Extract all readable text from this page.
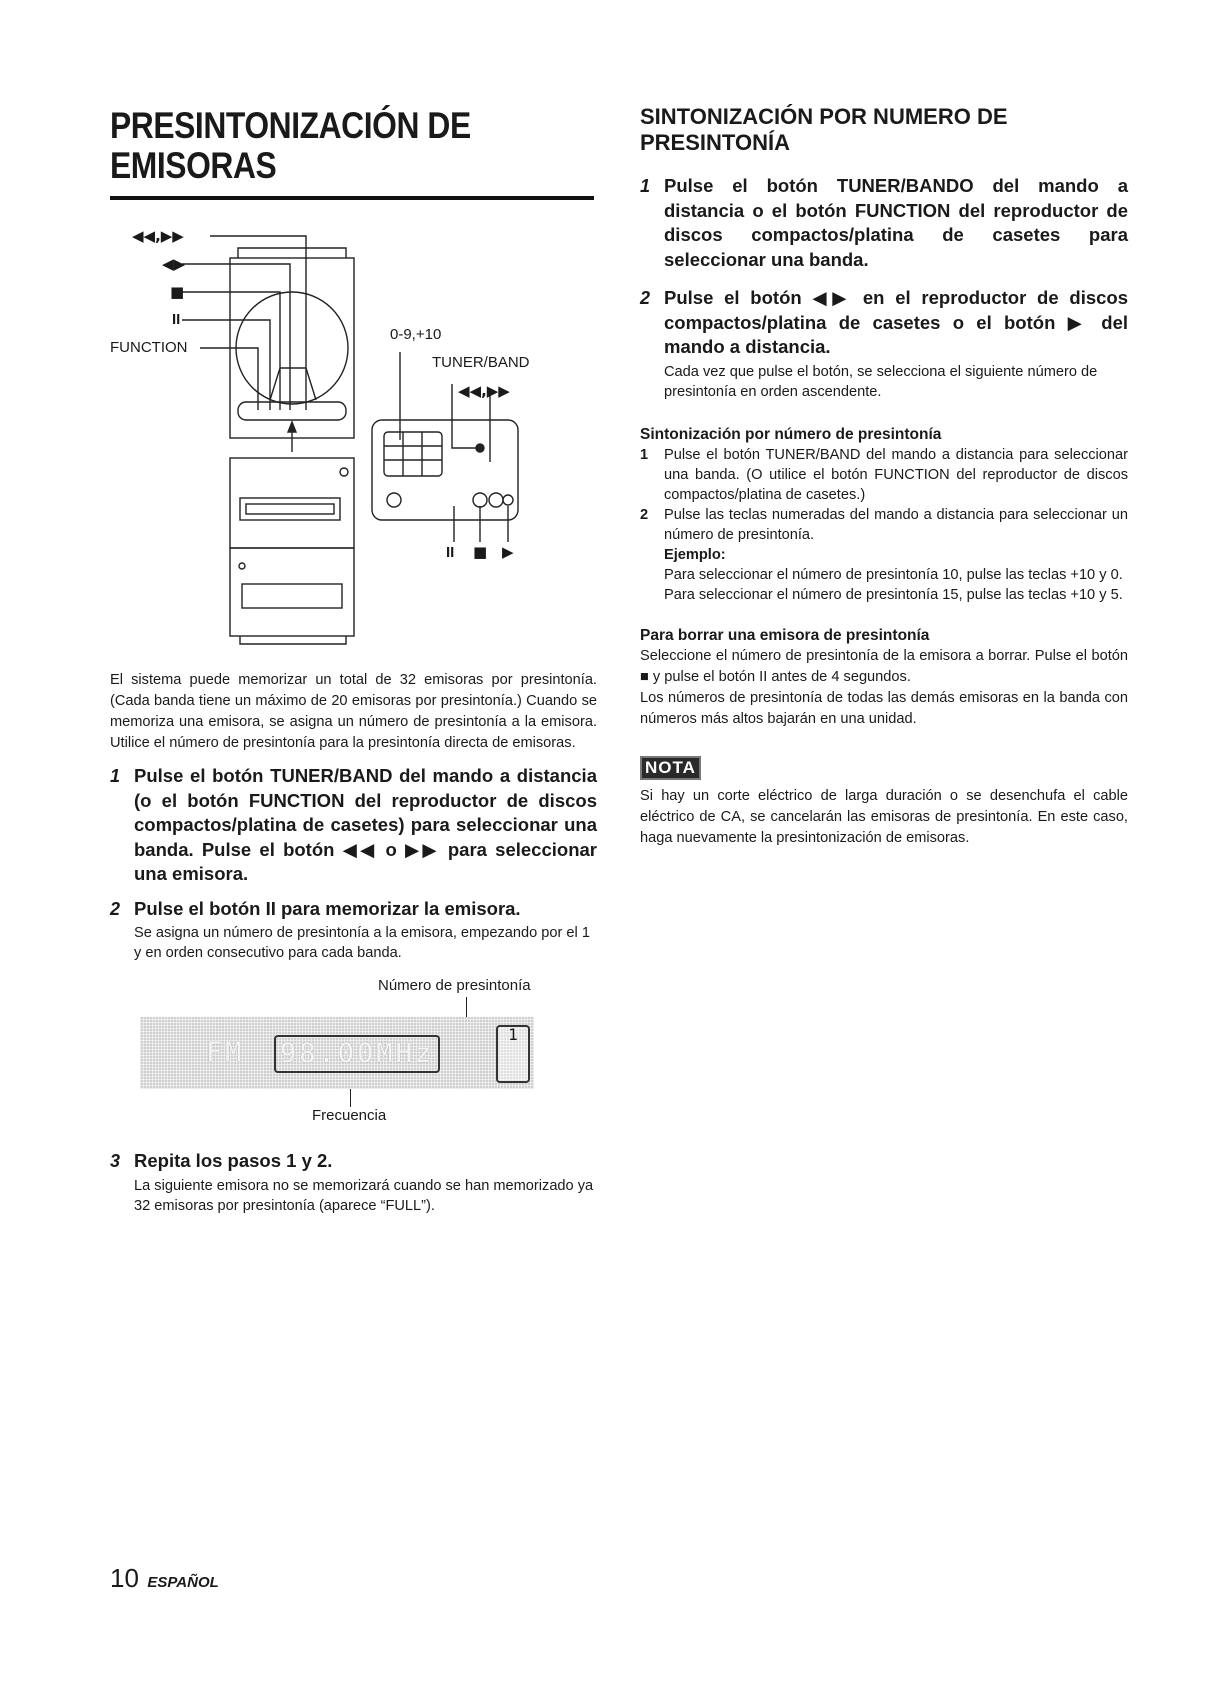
PRESINTONIZACIÓN DE
EMISORAS
◀◀,▶▶
◀▶
■
II
FUNCTION
0-9,+10
TUNER/BAND
◀◀,▶▶
II ■ ▶

El sistema puede memorizar un total de 32 emisoras por presintonía. (Cada banda tiene un máximo de 20 emisoras por presintonía.) Cuando se memoriza una emisora, se asigna un número de presintonía a la emisora. Utilice el número de presintonía para la presintonía directa de emisoras.

1 Pulse el botón TUNER/BAND del mando a distancia (o el botón FUNCTION del reproductor de discos compactos/platina de casetes) para seleccionar una banda. Pulse el botón ◀◀ o ▶▶ para seleccionar una emisora.

2 Pulse el botón II para memorizar la emisora.

Se asigna un número de presintonía a la emisora, empezando por el 1 y en orden consecutivo para cada banda.

Número de presintonía
FM 98.00MHz
1
Frecuencia
3 Repita los pasos 1 y 2.

La siguiente emisora no se memorizará cuando se han memorizado ya 32 emisoras por presintonía (aparece “FULL”).

SINTONIZACIÓN POR NUMERO DE PRESINTONÍA
1 Pulse el botón TUNER/BANDO del mando a distancia o el botón FUNCTION del reproductor de discos compactos/platina de casetes para seleccionar una banda.

2 Pulse el botón ◀▶ en el reproductor de discos compactos/platina de casetes o el botón ▶ del mando a distancia.

Cada vez que pulse el botón, se selecciona el siguiente número de presintonía en orden ascendente.

Sintonización por número de presintonía

1	Pulse el botón TUNER/BAND del mando a distancia para seleccionar una banda. (O utilice el botón FUNCTION del reproductor de discos compactos/platina de casetes.)
2	Pulse las teclas numeradas del mando a distancia para seleccionar un número de presintonía.
Ejemplo:
Para seleccionar el número de presintonía 10, pulse las teclas +10 y 0.
Para seleccionar el número de presintonía 15, pulse las teclas +10 y 5.

Para borrar una emisora de presintonía

Seleccione el número de presintonía de la emisora a borrar. Pulse el botón ■ y pulse el botón II antes de 4 segundos.

Los números de presintonía de todas las demás emisoras en la banda con números más altos bajarán en una unidad.

NOTA

Si hay un corte eléctrico de larga duración o se desenchufa el cable eléctrico de CA, se cancelarán las emisoras de presintonía. En este caso, haga nuevamente la presintonización de emisoras.

10 ESPAÑOL
